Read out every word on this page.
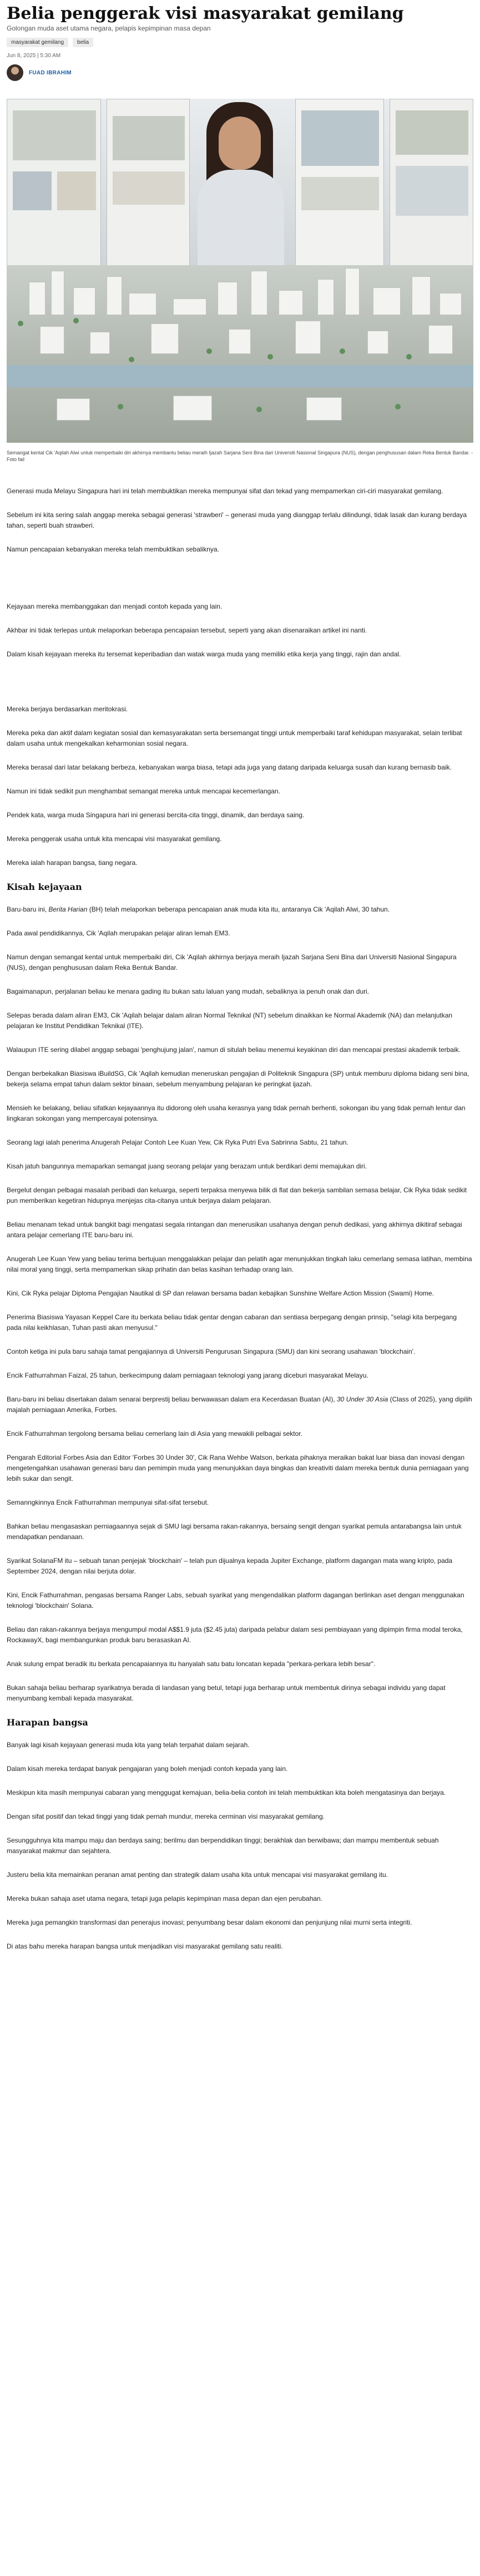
Belia penggerak visi masyarakat gemilang
Golongan muda aset utama negara, pelapis kepimpinan masa depan
masyarakat gemilang	belia
Jun 8, 2025 | 5:30 AM
FUAD IBRAHIM
Semangat kental Cik 'Aqilah Alwi untuk memperbaiki diri akhirnya membantu beliau meraih Ijazah Sarjana Seni Bina dari Universiti Nasional Singapura (NUS), dengan penghususan dalam Reka Bentuk Bandar. - Foto fail

Generasi muda Melayu Singapura hari ini telah membuktikan mereka mempunyai sifat dan tekad yang mempamerkan ciri-ciri masyarakat gemilang.

Sebelum ini kita sering salah anggap mereka sebagai generasi 'strawberi' – generasi muda yang dianggap terlalu dilindungi, tidak lasak dan kurang berdaya tahan, seperti buah strawberi.

Namun pencapaian kebanyakan mereka telah membuktikan sebaliknya.

Kejayaan mereka membanggakan dan menjadi contoh kepada yang lain.

Akhbar ini tidak terlepas untuk melaporkan beberapa pencapaian tersebut, seperti yang akan disenaraikan artikel ini nanti.

Dalam kisah kejayaan mereka itu tersemat keperibadian dan watak warga muda yang memiliki etika kerja yang tinggi, rajin dan andal.

Mereka berjaya berdasarkan meritokrasi.

Mereka peka dan aktif dalam kegiatan sosial dan kemasyarakatan serta bersemangat tinggi untuk memperbaiki taraf kehidupan masyarakat, selain terlibat dalam usaha untuk mengekalkan keharmonian sosial negara.

Mereka berasal dari latar belakang berbeza, kebanyakan warga biasa, tetapi ada juga yang datang daripada keluarga susah dan kurang bernasib baik.

Namun ini tidak sedikit pun menghambat semangat mereka untuk mencapai kecemerlangan.

Pendek kata, warga muda Singapura hari ini generasi bercita-cita tinggi, dinamik, dan berdaya saing.

Mereka penggerak usaha untuk kita mencapai visi masyarakat gemilang.

Mereka ialah harapan bangsa, tiang negara.

Kisah kejayaan

Baru-baru ini, Berita Harian (BH) telah melaporkan beberapa pencapaian anak muda kita itu, antaranya Cik 'Aqilah Alwi, 30 tahun.

Pada awal pendidikannya, Cik 'Aqilah merupakan pelajar aliran lemah EM3.

Namun dengan semangat kental untuk memperbaiki diri, Cik 'Aqilah akhirnya berjaya meraih Ijazah Sarjana Seni Bina dari Universiti Nasional Singapura (NUS), dengan penghususan dalam Reka Bentuk Bandar.

Bagaimanapun, perjalanan beliau ke menara gading itu bukan satu laluan yang mudah, sebaliknya ia penuh onak dan duri.

Selepas berada dalam aliran EM3, Cik 'Aqilah belajar dalam aliran Normal Teknikal (NT) sebelum dinaikkan ke Normal Akademik (NA) dan melanjutkan pelajaran ke Institut Pendidikan Teknikal (ITE).

Walaupun ITE sering dilabel anggap sebagai 'penghujung jalan', namun di situlah beliau menemui keyakinan diri dan mencapai prestasi akademik terbaik.

Dengan berbekalkan Biasiswa iBuildSG, Cik 'Aqilah kemudian meneruskan pengajian di Politeknik Singapura (SP) untuk memburu diploma bidang seni bina, bekerja selama empat tahun dalam sektor binaan, sebelum menyambung pelajaran ke peringkat ijazah.

Mensieh ke belakang, beliau sifatkan kejayaannya itu didorong oleh usaha kerasnya yang tidak pernah berhenti, sokongan ibu yang tidak pernah lentur dan lingkaran sokongan yang mempercayai potensinya.

Seorang lagi ialah penerima Anugerah Pelajar Contoh Lee Kuan Yew, Cik Ryka Putri Eva Sabrinna Sabtu, 21 tahun.

Kisah jatuh bangunnya memaparkan semangat juang seorang pelajar yang berazam untuk berdikari demi memajukan diri.

Bergelut dengan pelbagai masalah peribadi dan keluarga, seperti terpaksa menyewa bilik di flat dan bekerja sambilan semasa belajar, Cik Ryka tidak sedikit pun memberikan kegetiran hidupnya menjejas cita-citanya untuk berjaya dalam pelajaran.

Beliau menanam tekad untuk bangkit bagi mengatasi segala rintangan dan menerusikan usahanya dengan penuh dedikasi, yang akhirnya dikitiraf sebagai antara pelajar cemerlang ITE baru-baru ini.

Anugerah Lee Kuan Yew yang beliau terima bertujuan menggalakkan pelajar dan pelatih agar menunjukkan tingkah laku cemerlang semasa latihan, membina nilai moral yang tinggi, serta mempamerkan sikap prihatin dan belas kasihan terhadap orang lain.

Kini, Cik Ryka pelajar Diploma Pengajian Nautikal di SP dan relawan bersama badan kebajikan Sunshine Welfare Action Mission (Swami) Home.

Penerima Biasiswa Yayasan Keppel Care itu berkata beliau tidak gentar dengan cabaran dan sentiasa berpegang dengan prinsip, "selagi kita berpegang pada nilai keikhlasan, Tuhan pasti akan menyusul."

Contoh ketiga ini pula baru sahaja tamat pengajiannya di Universiti Pengurusan Singapura (SMU) dan kini seorang usahawan 'blockchain'.

Encik Fathurrahman Faizal, 25 tahun, berkecimpung dalam perniagaan teknologi yang jarang diceburi masyarakat Melayu.

Baru-baru ini beliau disertakan dalam senarai berprestij beliau berwawasan dalam era Kecerdasan Buatan (AI), 30 Under 30 Asia (Class of 2025), yang dipilih majalah perniagaan Amerika, Forbes.

Encik Fathurrahman tergolong bersama beliau cemerlang lain di Asia yang mewakili pelbagai sektor.

Pengarah Editorial Forbes Asia dan Editor 'Forbes 30 Under 30', Cik Rana Wehbe Watson, berkata pihaknya meraikan bakat luar biasa dan inovasi dengan mengetengahkan usahawan generasi baru dan pemimpin muda yang menunjukkan daya bingkas dan kreativiti dalam mereka bentuk dunia perniagaan yang lebih sukar dan sengit.

Semanngkinnya Encik Fathurrahman mempunyai sifat-sifat tersebut.

Bahkan beliau mengasaskan perniagaannya sejak di SMU lagi bersama rakan-rakannya, bersaing sengit dengan syarikat pemula antarabangsa lain untuk mendapatkan pendanaan.

Syarikat SolanaFM itu – sebuah tanan penjejak 'blockchain' – telah pun dijualnya kepada Jupiter Exchange, platform dagangan mata wang kripto, pada September 2024, dengan nilai berjuta dolar.

Kini, Encik Fathurrahman, pengasas bersama Ranger Labs, sebuah syarikat yang mengendalikan platform dagangan berlinkan aset dengan menggunakan teknologi 'blockchain' Solana.

Beliau dan rakan-rakannya berjaya mengumpul modal A$$1.9 juta ($2.45 juta) daripada pelabur dalam sesi pembiayaan yang dipimpin firma modal teroka, RockawayX, bagi membangunkan produk baru berasaskan AI.

Anak sulung empat beradik itu berkata pencapaiannya itu hanyalah satu batu loncatan kepada "perkara-perkara lebih besar".

Bukan sahaja beliau berharap syarikatnya berada di landasan yang betul, tetapi juga berharap untuk membentuk dirinya sebagai individu yang dapat menyumbang kembali kepada masyarakat.

Harapan bangsa

Banyak lagi kisah kejayaan generasi muda kita yang telah terpahat dalam sejarah.

Dalam kisah mereka terdapat banyak pengajaran yang boleh menjadi contoh kepada yang lain.

Meskipun kita masih mempunyai cabaran yang menggugat kemajuan, belia-belia contoh ini telah membuktikan kita boleh mengatasinya dan berjaya.

Dengan sifat positif dan tekad tinggi yang tidak pernah mundur, mereka cerminan visi masyarakat gemilang.

Sesungguhnya kita mampu maju dan berdaya saing; berilmu dan berpendidikan tinggi; berakhlak dan berwibawa; dan mampu membentuk sebuah masyarakat makmur dan sejahtera.

Justeru belia kita memainkan peranan amat penting dan strategik dalam usaha kita untuk mencapai visi masyarakat gemilang itu.

Mereka bukan sahaja aset utama negara, tetapi juga pelapis kepimpinan masa depan dan ejen perubahan.

Mereka juga pemangkin transformasi dan penerajus inovasi; penyumbang besar dalam ekonomi dan penjunjung nilai murni serta integriti.

Di atas bahu mereka harapan bangsa untuk menjadikan visi masyarakat gemilang satu realiti.
